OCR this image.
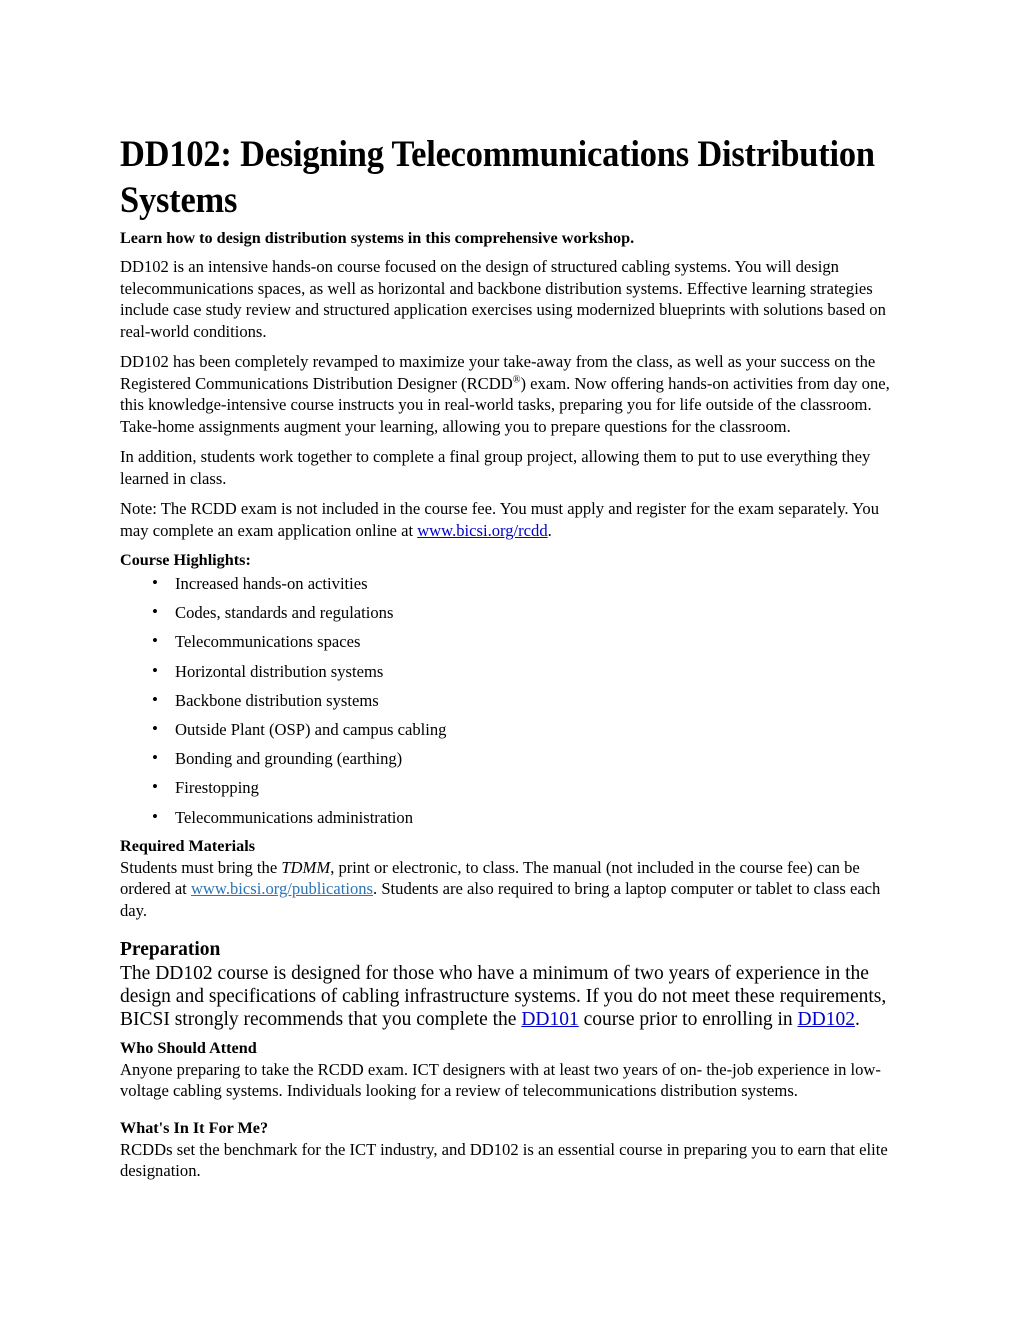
DD102: Designing Telecommunications Distribution Systems

Learn how to design distribution systems in this comprehensive workshop.

DD102 is an intensive hands-on course focused on the design of structured cabling systems. You will design telecommunications spaces, as well as horizontal and backbone distribution systems. Effective learning strategies include case study review and structured application exercises using modernized blueprints with solutions based on real-world conditions.

DD102 has been completely revamped to maximize your take-away from the class, as well as your success on the Registered Communications Distribution Designer (RCDD®) exam. Now offering hands-on activities from day one, this knowledge-intensive course instructs you in real-world tasks, preparing you for life outside of the classroom. Take-home assignments augment your learning, allowing you to prepare questions for the classroom.

In addition, students work together to complete a final group project, allowing them to put to use everything they learned in class.

Note: The RCDD exam is not included in the course fee. You must apply and register for the exam separately. You may complete an exam application online at www.bicsi.org/rcdd.

Course Highlights:

• Increased hands-on activities
• Codes, standards and regulations
• Telecommunications spaces
• Horizontal distribution systems
• Backbone distribution systems
• Outside Plant (OSP) and campus cabling
• Bonding and grounding (earthing)
• Firestopping
• Telecommunications administration

Required Materials

Students must bring the TDMM, print or electronic, to class. The manual (not included in the course fee) can be ordered at www.bicsi.org/publications. Students are also required to bring a laptop computer or tablet to class each day.

Preparation

The DD102 course is designed for those who have a minimum of two years of experience in the design and specifications of cabling infrastructure systems. If you do not meet these requirements, BICSI strongly recommends that you complete the DD101 course prior to enrolling in DD102.

Who Should Attend

Anyone preparing to take the RCDD exam. ICT designers with at least two years of on- the-job experience in low-voltage cabling systems. Individuals looking for a review of telecommunications distribution systems.

What's In It For Me?

RCDDs set the benchmark for the ICT industry, and DD102 is an essential course in preparing you to earn that elite designation.
